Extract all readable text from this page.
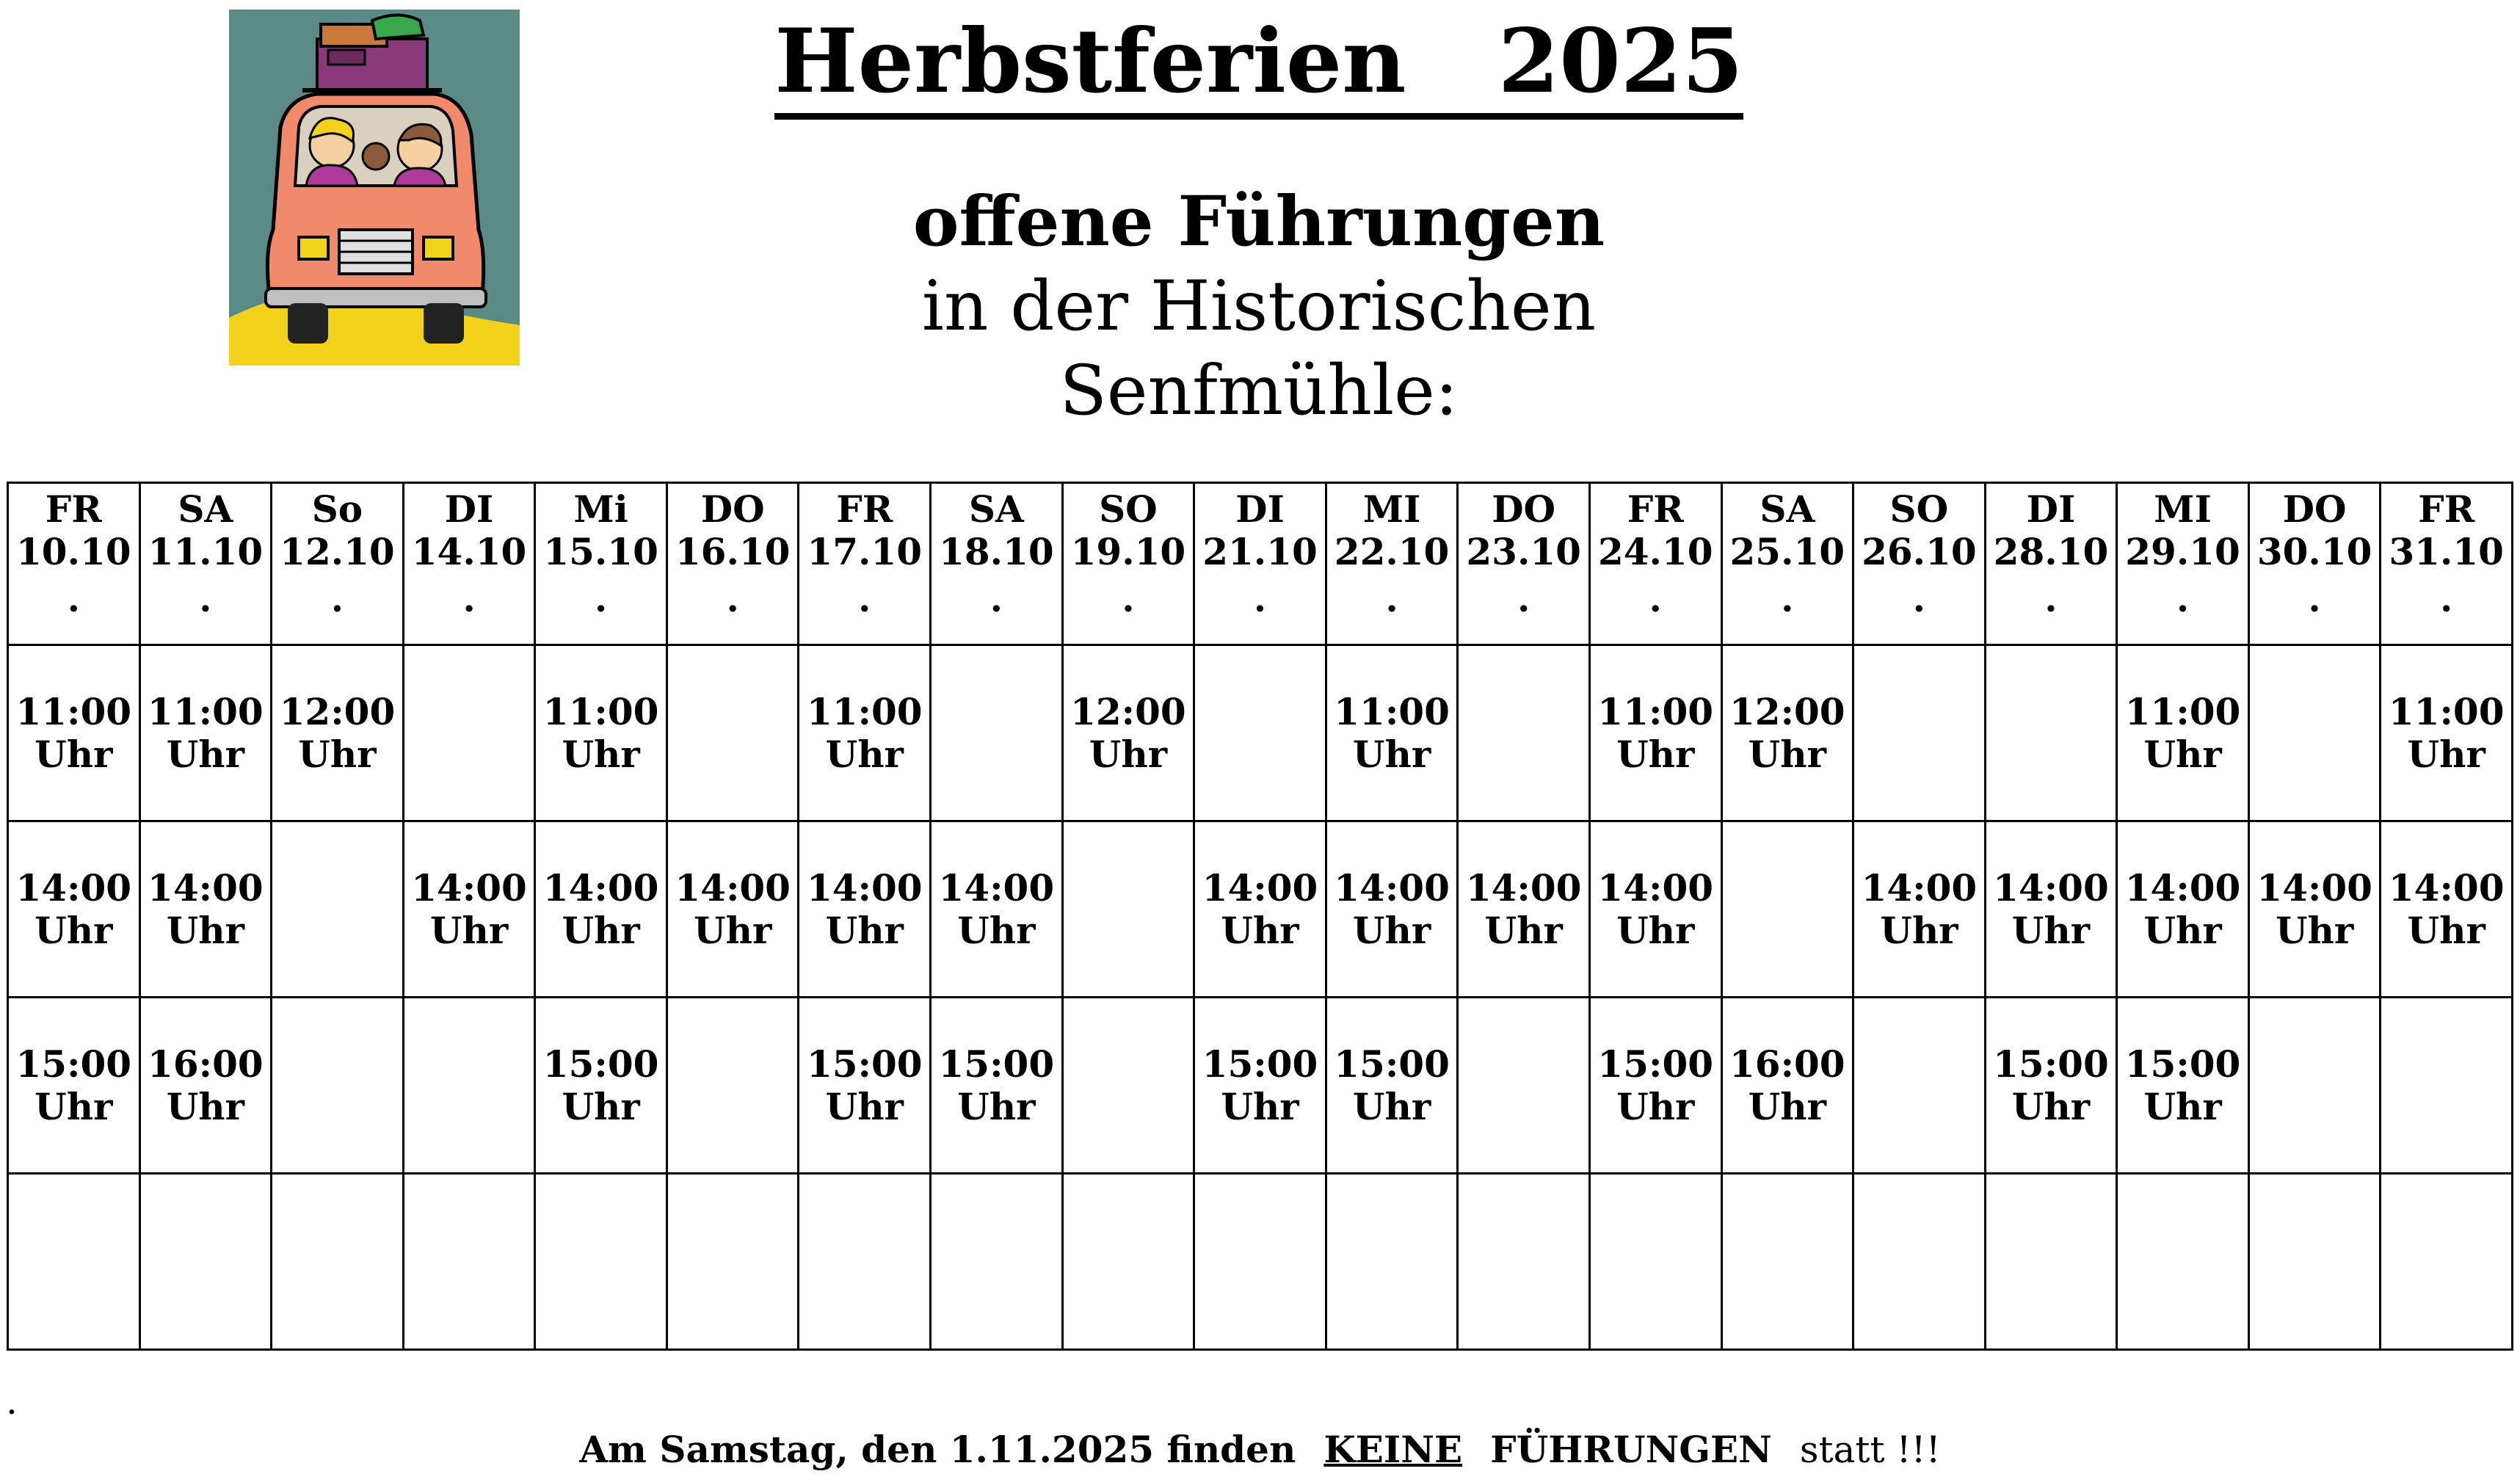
Herbstferien   2025
offene Führungen
in der Historischen Senfmühle:
FR
10.10
.	SA
11.10
.	So
12.10
.	DI
14.10
.	Mi
15.10
.	DO
16.10
.	FR
17.10
.	SA
18.10
.	SO
19.10
.	DI
21.10
.	MI
22.10
.	DO
23.10
.	FR
24.10
.	SA
25.10
.	SO
26.10
.	DI
28.10
.	MI
29.10
.	DO
30.10
.	FR
31.10
.

11:00
Uhr	11:00
Uhr	12:00
Uhr		11:00
Uhr		11:00
Uhr		12:00
Uhr		11:00
Uhr		11:00
Uhr	12:00
Uhr			11:00
Uhr		11:00
Uhr

14:00
Uhr	14:00
Uhr		14:00
Uhr	14:00
Uhr	14:00
Uhr	14:00
Uhr	14:00
Uhr		14:00
Uhr	14:00
Uhr	14:00
Uhr	14:00
Uhr		14:00
Uhr	14:00
Uhr	14:00
Uhr	14:00
Uhr	14:00
Uhr

15:00
Uhr	16:00
Uhr			15:00
Uhr		15:00
Uhr	15:00
Uhr		15:00
Uhr	15:00
Uhr		15:00
Uhr	16:00
Uhr		15:00
Uhr	15:00
Uhr		

.
Am Samstag, den 1.11.2025 finden KEINE FÜHRUNGEN statt !!!
